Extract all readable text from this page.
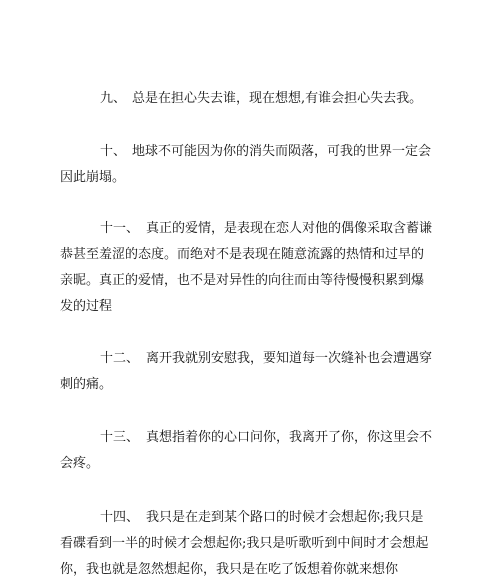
九、 总是在担心失去谁，现在想想,有谁会担心失去我。
十、 地球不可能因为你的消失而陨落，可我的世界一定会
因此崩塌。
十一、 真正的爱情，是表现在恋人对他的偶像采取含蓄谦
恭甚至羞涩的态度。而绝对不是表现在随意流露的热情和过早的
亲昵。真正的爱情，也不是对异性的向往而由等待慢慢积累到爆
发的过程
十二、 离开我就别安慰我，要知道每一次缝补也会遭遇穿
刺的痛。
十三、 真想指着你的心口问你，我离开了你，你这里会不
会疼。
十四、 我只是在走到某个路口的时候才会想起你;我只是
看碟看到一半的时候才会想起你;我只是听歌听到中间时才会想起
你，我也就是忽然想起你，我只是在吃了饭想着你就来想你
